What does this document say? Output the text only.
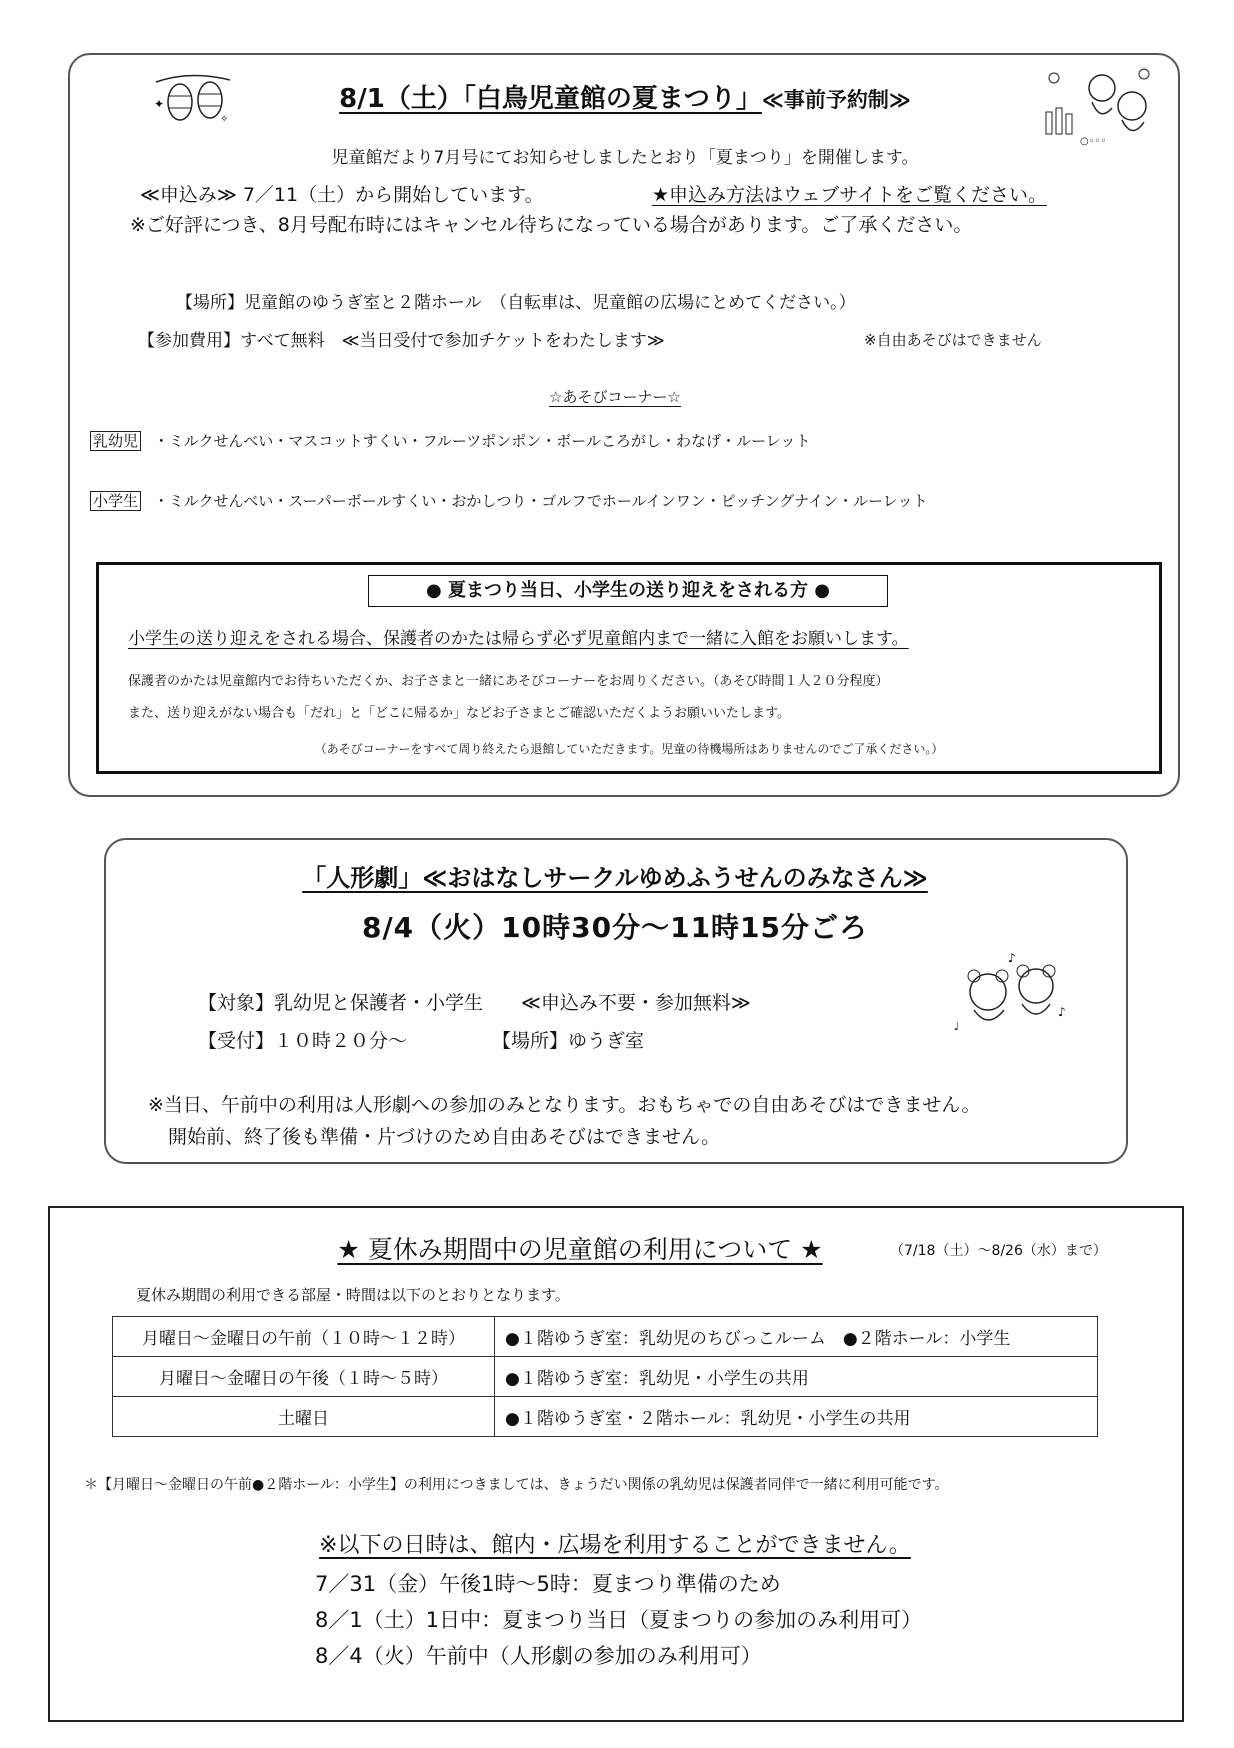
✦
✧
8/1（土）「白鳥児童館の夏まつり」≪事前予約制≫
○◦◦◦
児童館だより7月号にてお知らせしましたとおり「夏まつり」を開催します。
≪申込み≫ 7／11（土）から開始しています。	★申込み方法はウェブサイトをご覧ください。
※ご好評につき、8月号配布時にはキャンセル待ちになっている場合があります。ご了承ください。
【場所】児童館のゆうぎ室と２階ホール　（自転車は、児童館の広場にとめてください。）
【参加費用】すべて無料　≪当日受付で参加チケットをわたします≫	※自由あそびはできません
☆あそびコーナー☆
乳幼児 ・ミルクせんべい・マスコットすくい・フルーツポンポン・ボールころがし・わなげ・ルーレット
小学生 ・ミルクせんべい・スーパーボールすくい・おかしつり・ゴルフでホールインワン・ピッチングナイン・ルーレット
● 夏まつり当日、小学生の送り迎えをされる方 ●
小学生の送り迎えをされる場合、保護者のかたは帰らず必ず児童館内まで一緒に入館をお願いします。
保護者のかたは児童館内でお待ちいただくか、お子さまと一緒にあそびコーナーをお周りください。（あそび時間１人２０分程度）
また、送り迎えがない場合も「だれ」と「どこに帰るか」などお子さまとご確認いただくようお願いいたします。
（あそびコーナーをすべて周り終えたら退館していただきます。児童の待機場所はありませんのでご了承ください。）
「人形劇」≪おはなしサークルゆめふうせんのみなさん≫
8/4（火）10時30分～11時15分ごろ
♪
♪
♩
【対象】乳幼児と保護者・小学生　　≪申込み不要・参加無料≫
【受付】１０時２０分～	【場所】ゆうぎ室
※当日、午前中の利用は人形劇への参加のみとなります。おもちゃでの自由あそびはできません。
開始前、終了後も準備・片づけのため自由あそびはできません。
★ 夏休み期間中の児童館の利用について ★	（7/18（土）～8/26（水）まで）
夏休み期間の利用できる部屋・時間は以下のとおりとなります。
月曜日～金曜日の午前（１０時～１２時）	●１階ゆうぎ室：乳幼児のちびっこルーム　●２階ホール：小学生
月曜日～金曜日の午後（１時～５時）	●１階ゆうぎ室：乳幼児・小学生の共用
土曜日	●１階ゆうぎ室・２階ホール：乳幼児・小学生の共用
＊【月曜日～金曜日の午前●２階ホール：小学生】の利用につきましては、きょうだい関係の乳幼児は保護者同伴で一緒に利用可能です。
※以下の日時は、館内・広場を利用することができません。
7／31（金）午後1時～5時：夏まつり準備のため
8／1（土）1日中：夏まつり当日（夏まつりの参加のみ利用可）
8／4（火）午前中（人形劇の参加のみ利用可）
